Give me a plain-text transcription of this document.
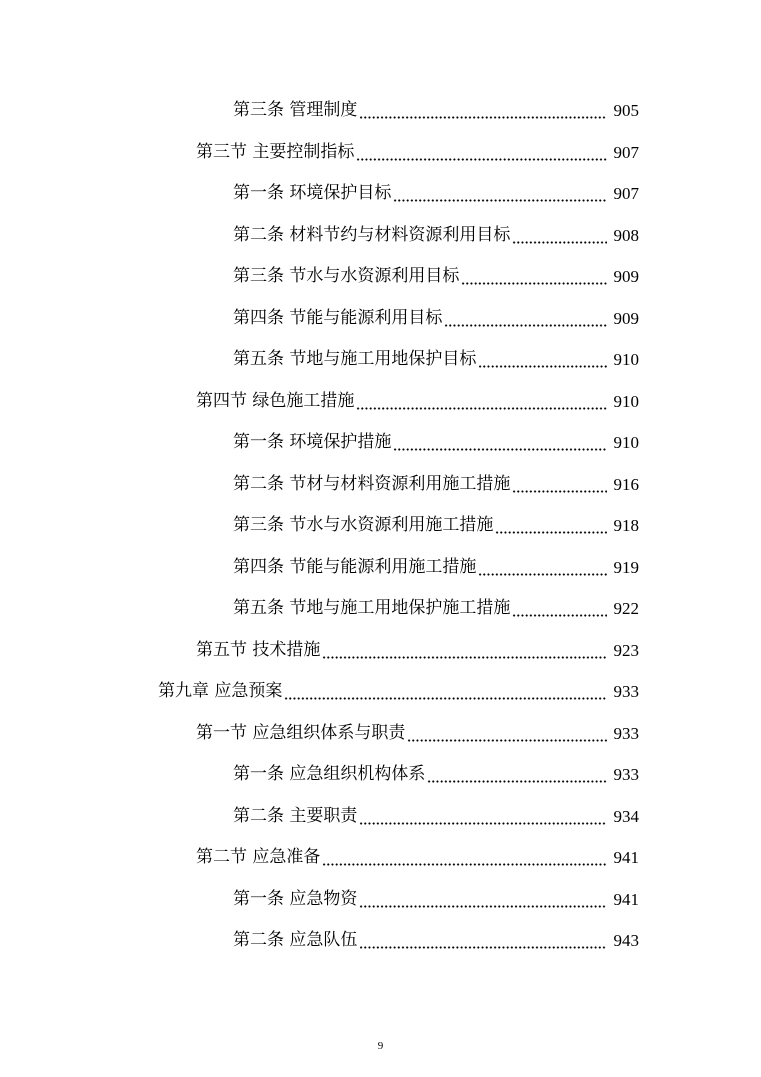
第三条 管理制度	905
第三节 主要控制指标	907
第一条 环境保护目标	907
第二条 材料节约与材料资源利用目标	908
第三条 节水与水资源利用目标	909
第四条 节能与能源利用目标	909
第五条 节地与施工用地保护目标	910
第四节 绿色施工措施	910
第一条 环境保护措施	910
第二条 节材与材料资源利用施工措施	916
第三条 节水与水资源利用施工措施	918
第四条 节能与能源利用施工措施	919
第五条 节地与施工用地保护施工措施	922
第五节 技术措施	923
第九章 应急预案	933
第一节 应急组织体系与职责	933
第一条 应急组织机构体系	933
第二条 主要职责	934
第二节 应急准备	941
第一条 应急物资	941
第二条 应急队伍	943
9
